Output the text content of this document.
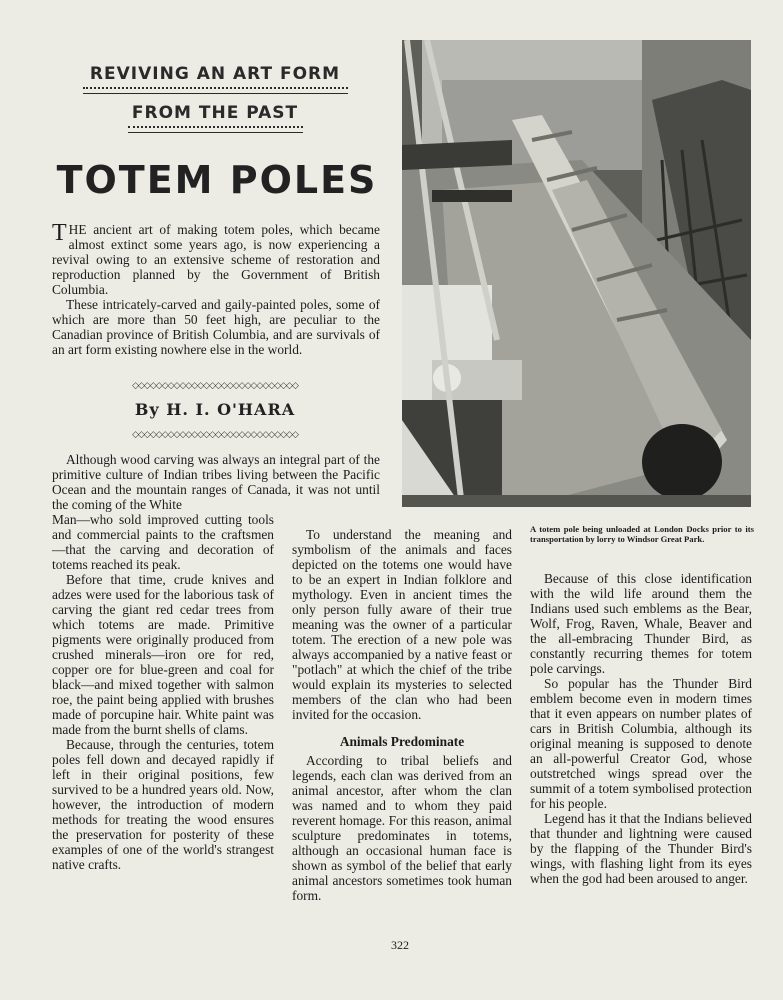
REVIVING AN ART FORM
FROM THE PAST
TOTEM POLES

THE ancient art of making totem poles, which became almost extinct some years ago, is now experiencing a revival owing to an extensive scheme of restoration and reproduction planned by the Government of British Columbia.

These intricately-carved and gaily-painted poles, some of which are more than 50 feet high, are peculiar to the Canadian province of British Columbia, and are survivals of an art form existing nowhere else in the world.

◇◇◇◇◇◇◇◇◇◇◇◇◇◇◇◇◇◇◇◇◇◇◇◇◇◇◇◇
By H. I. O'HARA
◇◇◇◇◇◇◇◇◇◇◇◇◇◇◇◇◇◇◇◇◇◇◇◇◇◇◇◇

Although wood carving was always an integral part of the primitive culture of Indian tribes living between the Pacific Ocean and the mountain ranges of Canada, it was not until the coming of the White

Man—who sold improved cutting tools and commercial paints to the craftsmen—that the carving and decoration of totems reached its peak.

Before that time, crude knives and adzes were used for the laborious task of carving the giant red cedar trees from which totems are made. Primitive pigments were originally produced from crushed minerals—iron ore for red, copper ore for blue-green and coal for black—and mixed together with salmon roe, the paint being applied with brushes made of porcupine hair. White paint was made from the burnt shells of clams.

Because, through the centuries, totem poles fell down and decayed rapidly if left in their original positions, few survived to be a hundred years old. Now, however, the introduction of modern methods for treating the wood ensures the preservation for posterity of these examples of one of the world's strangest native crafts.

To understand the meaning and symbolism of the animals and faces depicted on the totems one would have to be an expert in Indian folklore and mythology. Even in ancient times the only person fully aware of their true meaning was the owner of a particular totem. The erection of a new pole was always accompanied by a native feast or "potlach" at which the chief of the tribe would explain its mysteries to selected members of the clan who had been invited for the occasion.

Animals Predominate

According to tribal beliefs and legends, each clan was derived from an animal ancestor, after whom the clan was named and to whom they paid reverent homage. For this reason, animal sculpture predominates in totems, although an occasional human face is shown as symbol of the belief that early animal ancestors sometimes took human form.

A totem pole being unloaded at London Docks prior to its transportation by lorry to Windsor Great Park.

Because of this close identification with the wild life around them the Indians used such emblems as the Bear, Wolf, Frog, Raven, Whale, Beaver and the all-embracing Thunder Bird, as constantly recurring themes for totem pole carvings.

So popular has the Thunder Bird emblem become even in modern times that it even appears on number plates of cars in British Columbia, although its original meaning is supposed to denote an all-powerful Creator God, whose outstretched wings spread over the summit of a totem symbolised protection for his people.

Legend has it that the Indians believed that thunder and lightning were caused by the flapping of the Thunder Bird's wings, with flashing light from its eyes when the god had been aroused to anger.

322
